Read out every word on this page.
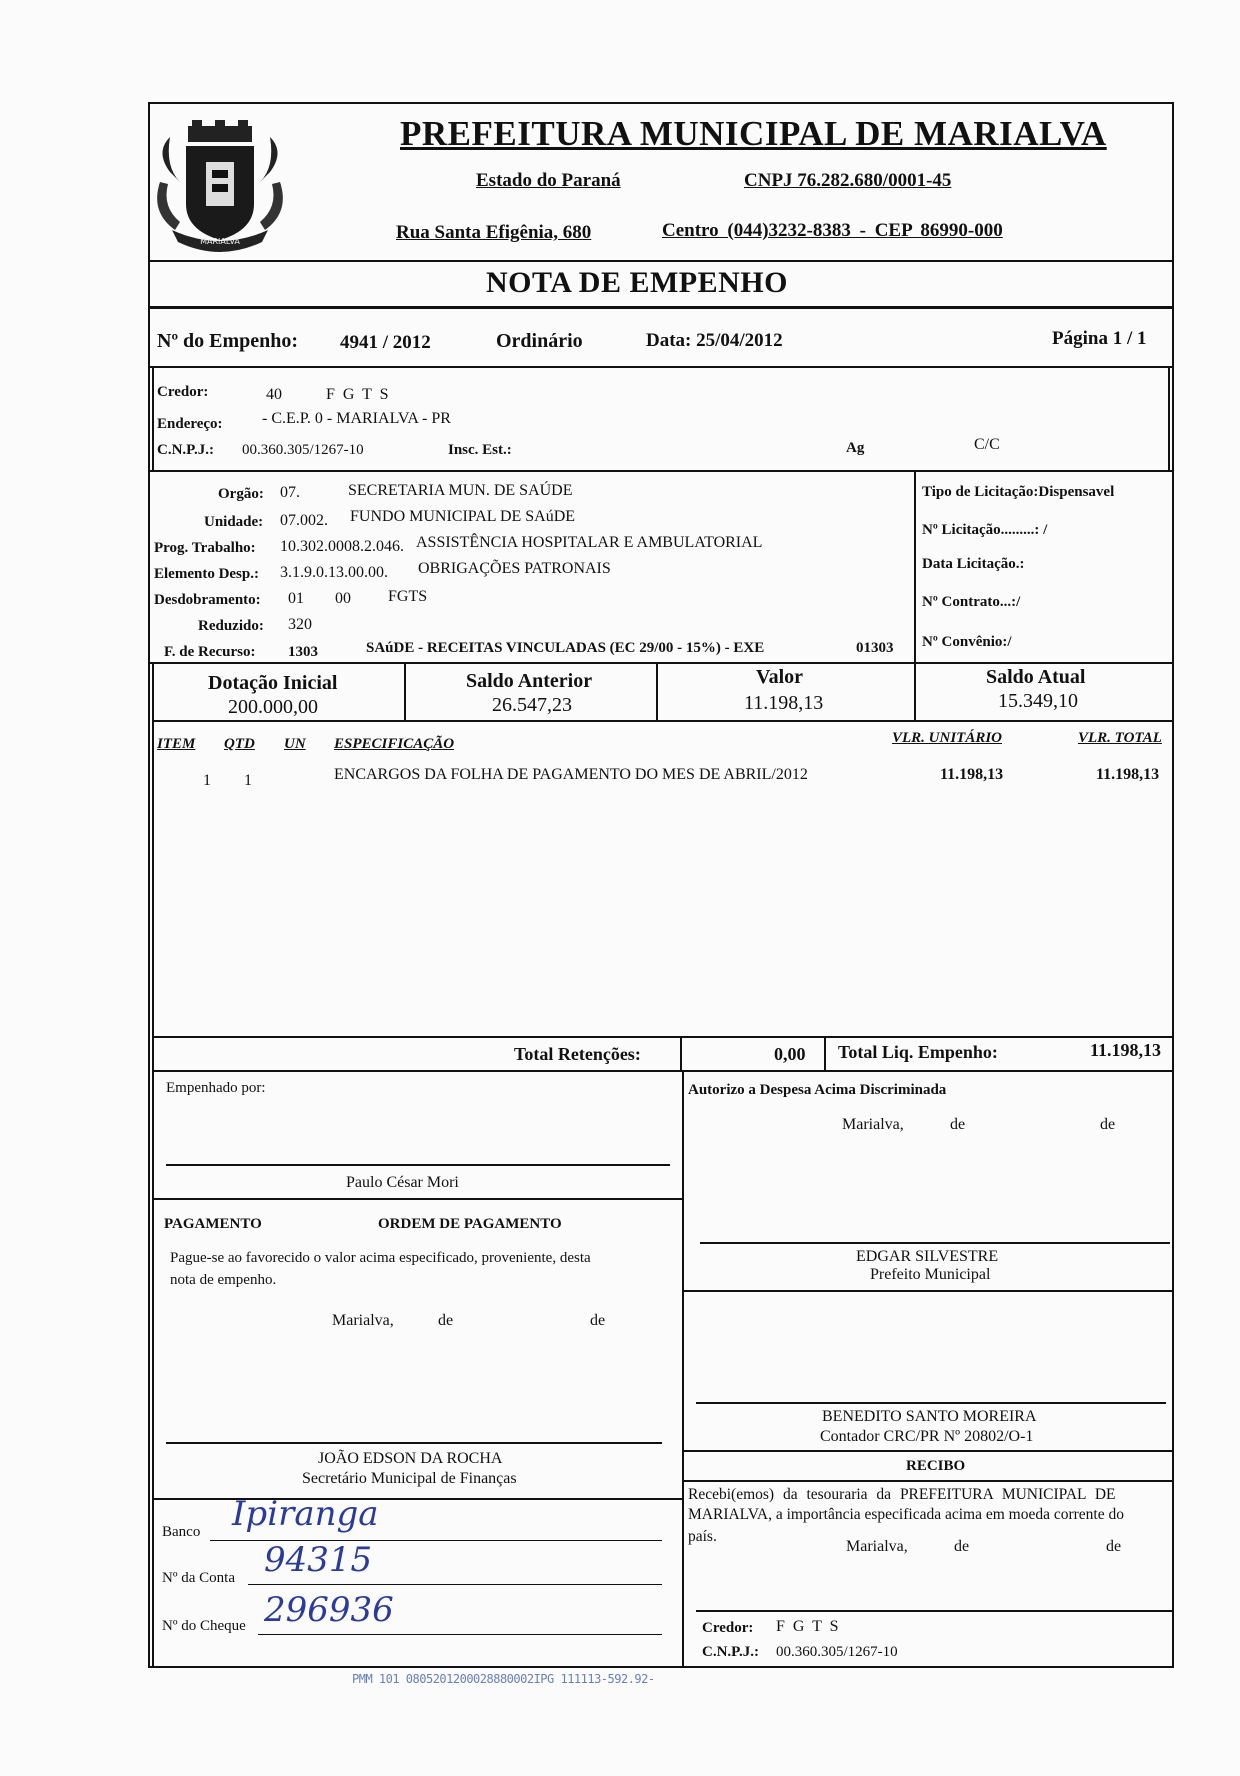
MARIALVA
PREFEITURA MUNICIPAL DE MARIALVA
Estado do Paraná	CNPJ 76.282.680/0001-45
Rua Santa Efigênia, 680	Centro (044)3232-8383 - CEP 86990-000
NOTA DE EMPENHO
Nº do Empenho: 4941 / 2012	Ordinário	Data: 25/04/2012	Página 1 / 1
Credor:	40	F G T S
Endereço: - C.E.P. 0 - MARIALVA - PR
C.N.P.J.: 00.360.305/1267-10	Insc. Est.:	Ag	C/C
Orgão: 07.	SECRETARIA MUN. DE SAÚDE
Unidade: 07.002. FUNDO MUNICIPAL DE SAúDE
Prog. Trabalho: 10.302.0008.2.046. ASSISTÊNCIA HOSPITALAR E AMBULATORIAL
Elemento Desp.: 3.1.9.0.13.00.00. OBRIGAÇÕES PATRONAIS
Desdobramento: 01 00 FGTS
Reduzido: 320
F. de Recurso: 1303	SAúDE - RECEITAS VINCULADAS (EC 29/00 - 15%) - EXE	01303
Tipo de Licitação:Dispensavel
Nº Licitação.........: /
Data Licitação.:
Nº Contrato...:/
Nº Convênio:/
Dotação Inicial
200.000,00
Saldo Anterior
26.547,23
Valor
11.198,13
Saldo Atual
15.349,10
ITEM QTD UN ESPECIFICAÇÃO	VLR. UNITÁRIO	VLR. TOTAL
1 1	ENCARGOS DA FOLHA DE PAGAMENTO DO MES DE ABRIL/2012	11.198,13	11.198,13
Total Retenções:	0,00 Total Liq. Empenho:	11.198,13
Empenhado por:
Paulo César Mori
PAGAMENTO	ORDEM DE PAGAMENTO
Pague-se ao favorecido o valor acima especificado, proveniente, desta
nota de empenho.
Marialva,	de	de
JOÃO EDSON DA ROCHA
Secretário Municipal de Finanças
Banco Ipiranga
Nº da Conta 94315
Nº do Cheque 296936
Autorizo a Despesa Acima Discriminada
Marialva,	de	de
EDGAR SILVESTRE
Prefeito Municipal
BENEDITO SANTO MOREIRA
Contador CRC/PR Nº 20802/O-1
RECIBO
Recebi(emos) da tesouraria da PREFEITURA MUNICIPAL DE
MARIALVA, a importância especificada acima em moeda corrente do
país.
Marialva,	de	de
Credor: F G T S
C.N.P.J.: 00.360.305/1267-10
PMM 101 0805201200028880002IPG 111113-592.92-
